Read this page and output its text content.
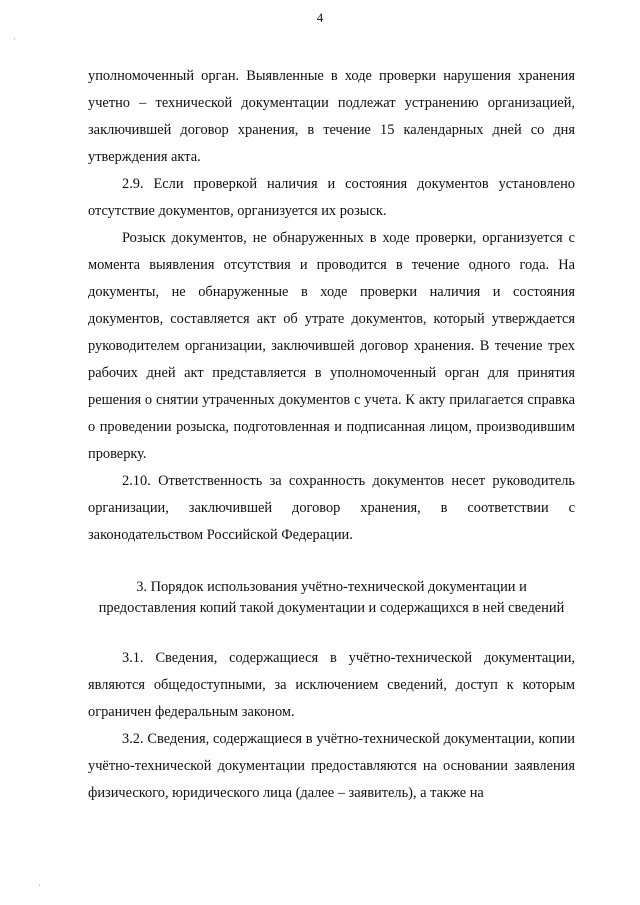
4
·
·

уполномоченный орган. Выявленные в ходе проверки нарушения хранения учетно – технической документации подлежат устранению организацией, заключившей договор хранения, в течение 15 календарных дней со дня утверждения акта.

2.9. Если проверкой наличия и состояния документов установлено отсутствие документов, организуется их розыск.

Розыск документов, не обнаруженных в ходе проверки, организуется с момента выявления отсутствия и проводится в течение одного года. На документы, не обнаруженные в ходе проверки наличия и состояния документов, составляется акт об утрате документов, который утверждается руководителем организации, заключившей договор хранения. В течение трех рабочих дней акт представляется в уполномоченный орган для принятия решения о снятии утраченных документов с учета. К акту прилагается справка о проведении розыска, подготовленная и подписанная лицом, производившим проверку.

2.10. Ответственность за сохранность документов несет руководитель организации, заключившей договор хранения, в соответствии с законодательством Российской Федерации.

3. Порядок использования учётно-технической документации и предоставления копий такой документации и содержащихся в ней сведений

3.1. Сведения, содержащиеся в учётно-технической документации, являются общедоступными, за исключением сведений, доступ к которым ограничен федеральным законом.

3.2. Сведения, содержащиеся в учётно-технической документации, копии учётно-технической документации предоставляются на основании заявления физического, юридического лица (далее – заявитель), а также на
